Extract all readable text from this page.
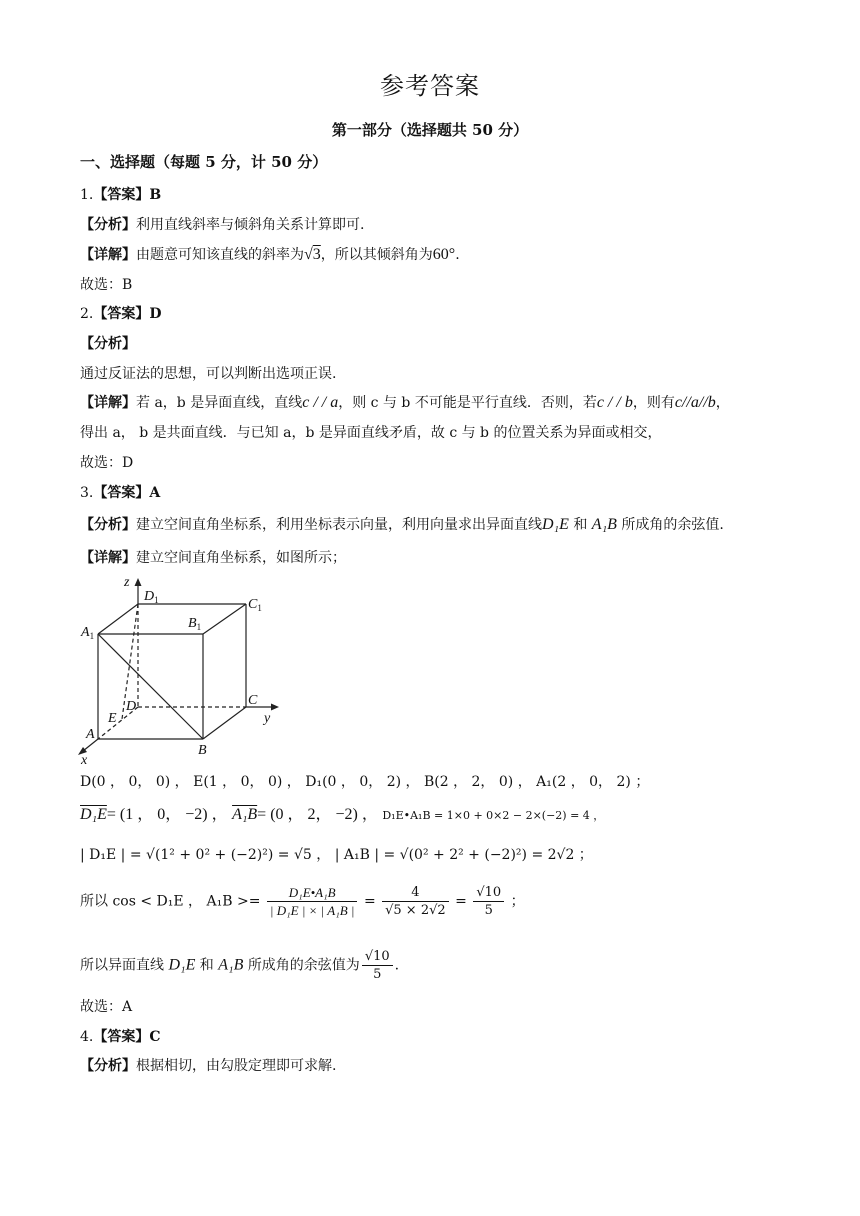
参考答案
第一部分（选择题共 50 分）
一、选择题（每题 5 分，计 50 分）
1.【答案】B
【分析】利用直线斜率与倾斜角关系计算即可.
【详解】由题意可知该直线的斜率为√3，所以其倾斜角为60°.
故选：B
2.【答案】D
【分析】
通过反证法的思想，可以判断出选项正误.
【详解】若 a，b 是异面直线，直线c / / a，则 c 与 b 不可能是平行直线．否则，若c / / b，则有c//a//b，
得出 a， b 是共面直线．与已知 a，b 是异面直线矛盾，故 c 与 b 的位置关系为异面或相交，
故选：D
3.【答案】A
【分析】建立空间直角坐标系，利用坐标表示向量，利用向量求出异面直线D₁E 和 A₁B 所成角的余弦值.
【详解】建立空间直角坐标系，如图所示；
z
y
x
$D_1$	$C_1$
$A_1$
$B_1$
C
D
E
A
B
D(0 ， 0， 0) ， E(1 ， 0， 0) ， D₁(0 ， 0， 2) ， B(2 ， 2， 0) ， A₁(2 ， 0， 2) ；
D₁E= (1 ， 0， −2) ， A₁B= (0 ， 2， −2) ， D₁E•A₁B = 1×0 + 0×2 − 2×(−2) = 4 ，
| D₁E | = √(1² + 0² + (−2)²) = √5 ， | A₁B | = √(0² + 2² + (−2)²) = 2√2 ；
所以 cos < D₁E ， $A_1B >= \frac{\text{D₁E•A₁B}}{\text{| D₁E | × | A₁B |}} = \frac{4}{√5 \times 2√2} = \frac{√10}{5}$ ；
所以异面直线 D₁E 和 A₁B 所成角的余弦值为 $\frac{√10}{5}$ .
故选：A
4.【答案】C
【分析】根据相切，由勾股定理即可求解.
